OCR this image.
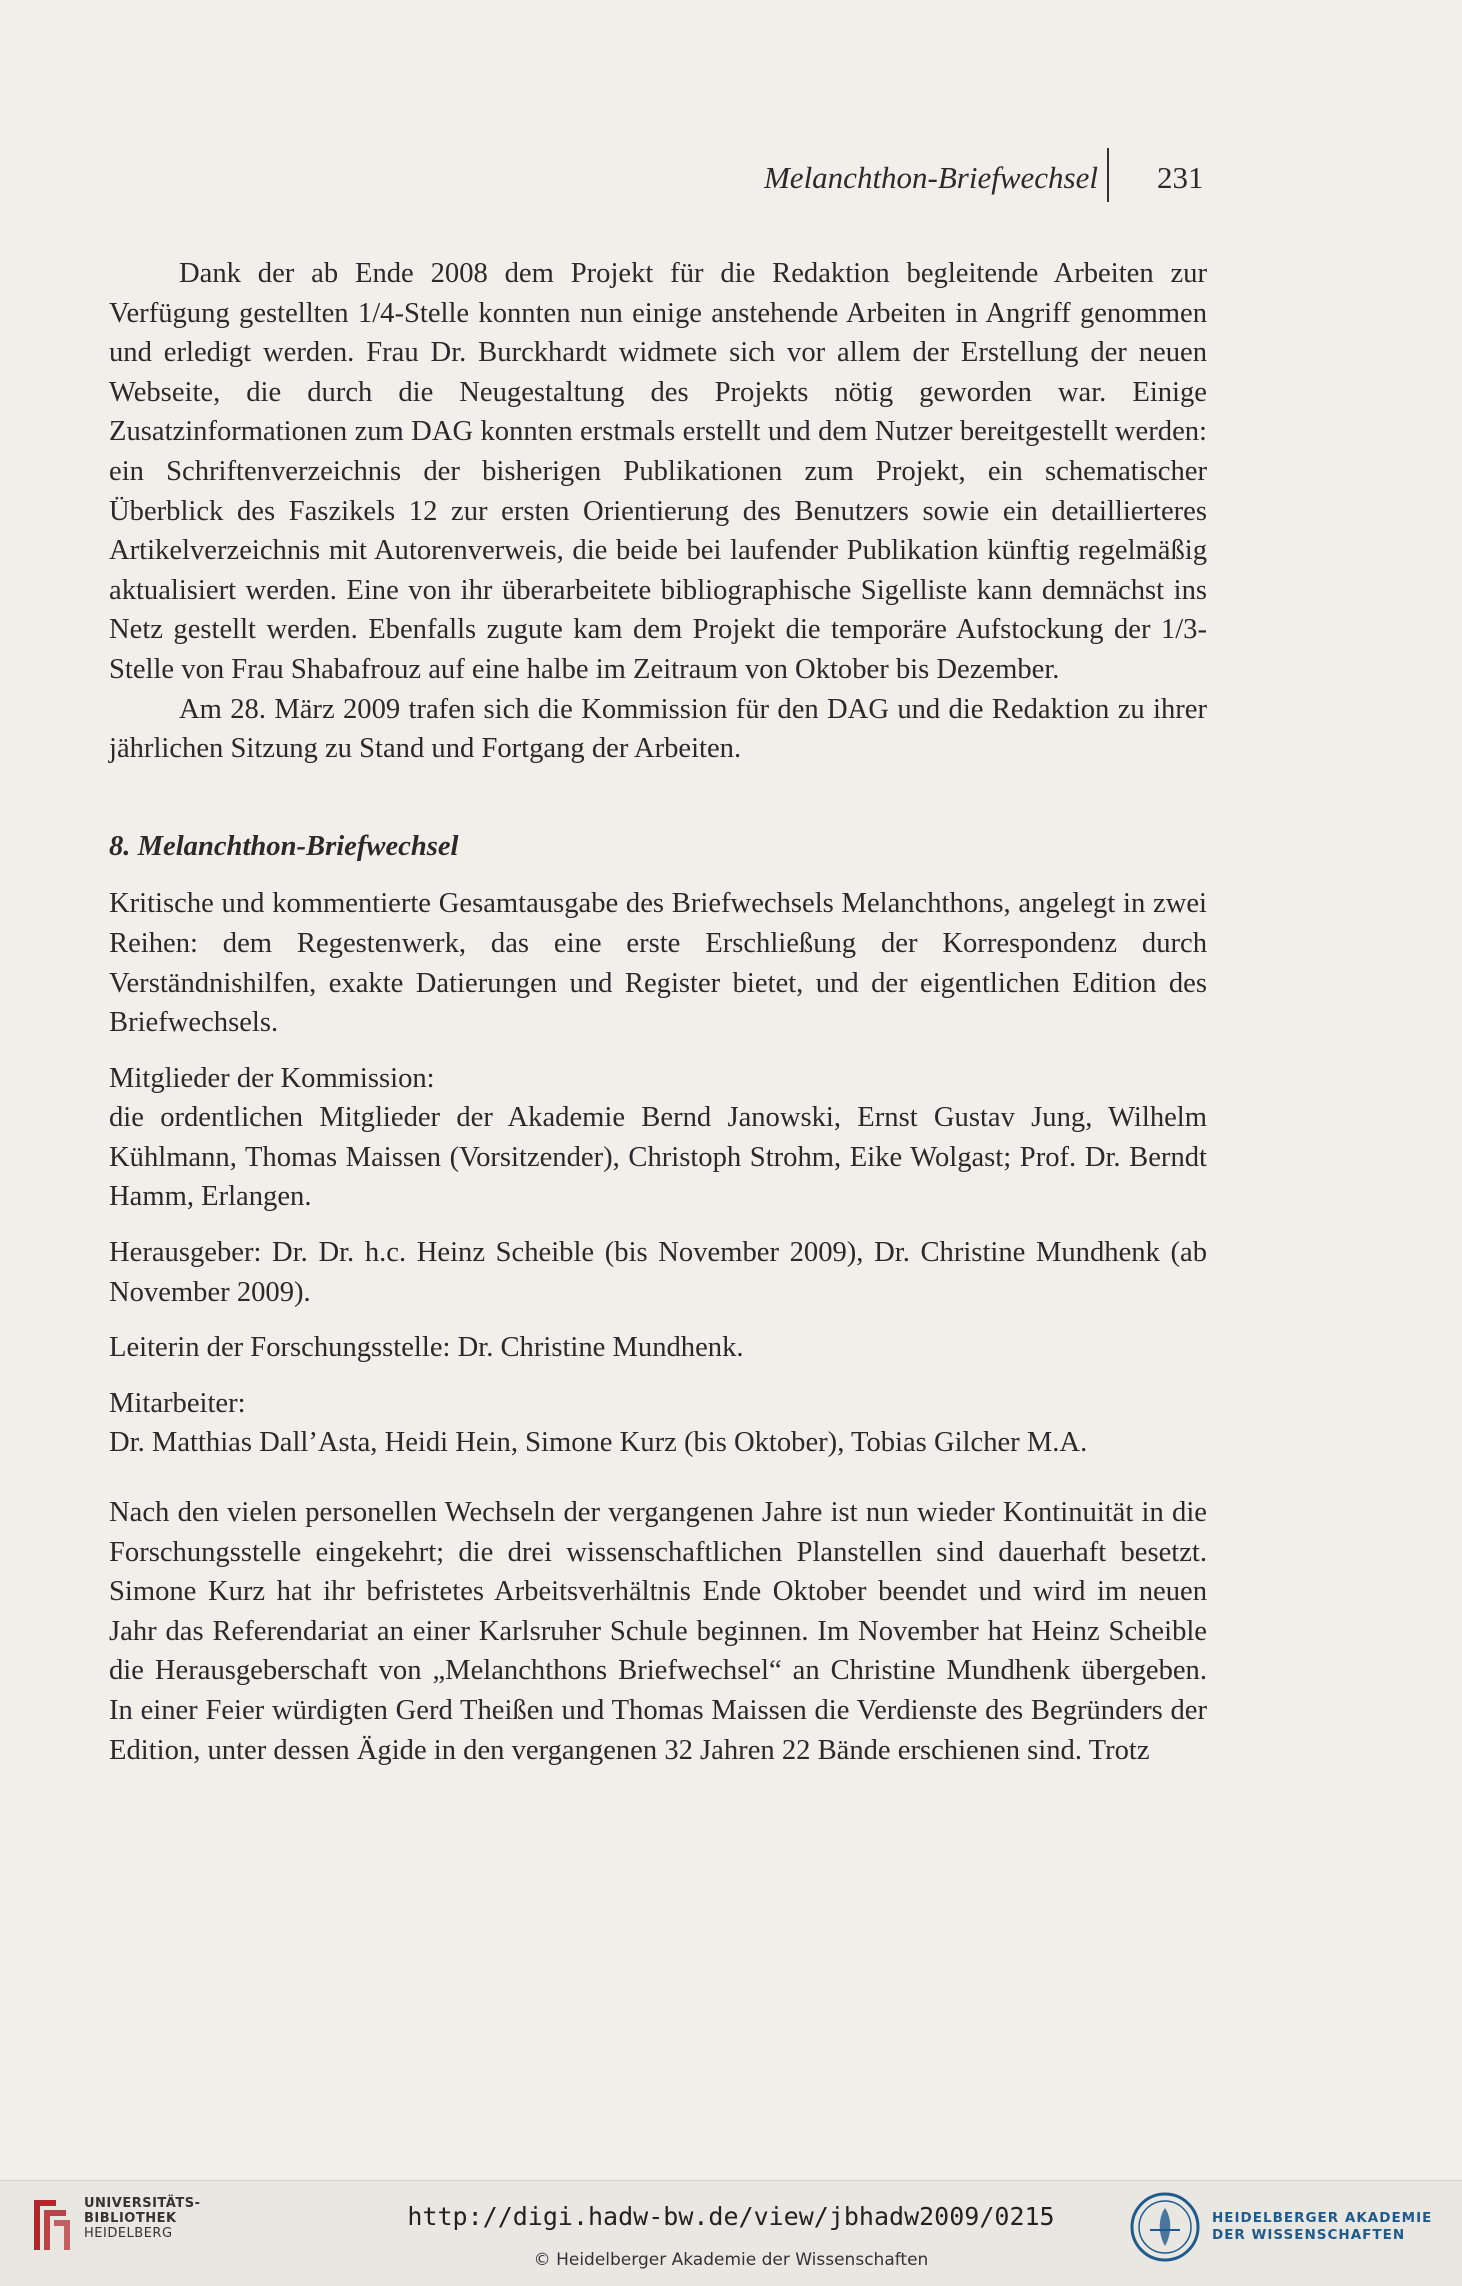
Melanchthon-Briefwechsel 231

Dank der ab Ende 2008 dem Projekt für die Redaktion begleitende Arbeiten zur Verfügung gestellten 1/4-Stelle konnten nun einige anstehende Arbeiten in Angriff genommen und erledigt werden. Frau Dr. Burckhardt widmete sich vor allem der Erstellung der neuen Webseite, die durch die Neugestaltung des Projekts nötig geworden war. Einige Zusatzinformationen zum DAG konnten erstmals erstellt und dem Nutzer bereitgestellt werden: ein Schriftenverzeichnis der bisherigen Publikationen zum Projekt, ein schematischer Überblick des Faszikels 12 zur ersten Orientierung des Benutzers sowie ein detaillierteres Artikelverzeichnis mit Autorenverweis, die beide bei laufender Publikation künftig regelmäßig aktualisiert werden. Eine von ihr überarbeitete bibliographische Sigelliste kann demnächst ins Netz gestellt werden. Ebenfalls zugute kam dem Projekt die temporäre Aufstockung der 1/3-Stelle von Frau Shabafrouz auf eine halbe im Zeitraum von Oktober bis Dezember.

Am 28. März 2009 trafen sich die Kommission für den DAG und die Redaktion zu ihrer jährlichen Sitzung zu Stand und Fortgang der Arbeiten.

8. Melanchthon-Briefwechsel

Kritische und kommentierte Gesamtausgabe des Briefwechsels Melanchthons, angelegt in zwei Reihen: dem Regestenwerk, das eine erste Erschließung der Korrespondenz durch Verständnishilfen, exakte Datierungen und Register bietet, und der eigentlichen Edition des Briefwechsels.

Mitglieder der Kommission:

die ordentlichen Mitglieder der Akademie Bernd Janowski, Ernst Gustav Jung, Wilhelm Kühlmann, Thomas Maissen (Vorsitzender), Christoph Strohm, Eike Wolgast; Prof. Dr. Berndt Hamm, Erlangen.

Herausgeber: Dr. Dr. h.c. Heinz Scheible (bis November 2009), Dr. Christine Mundhenk (ab November 2009).

Leiterin der Forschungsstelle: Dr. Christine Mundhenk.

Mitarbeiter:

Dr. Matthias Dall’Asta, Heidi Hein, Simone Kurz (bis Oktober), Tobias Gilcher M.A.

Nach den vielen personellen Wechseln der vergangenen Jahre ist nun wieder Kontinuität in die Forschungsstelle eingekehrt; die drei wissenschaftlichen Planstellen sind dauerhaft besetzt. Simone Kurz hat ihr befristetes Arbeitsverhältnis Ende Oktober beendet und wird im neuen Jahr das Referendariat an einer Karlsruher Schule beginnen. Im November hat Heinz Scheible die Herausgeberschaft von „Melanchthons Briefwechsel“ an Christine Mundhenk übergeben. In einer Feier würdigten Gerd Theißen und Thomas Maissen die Verdienste des Begründers der Edition, unter dessen Ägide in den vergangenen 32 Jahren 22 Bände erschienen sind. Trotz

UNIVERSITÄTS-
BIBLIOTHEK
HEIDELBERG
http://digi.hadw-bw.de/view/jbhadw2009/0215
© Heidelberger Akademie der Wissenschaften
HEIDELBERGER AKADEMIE
DER WISSENSCHAFTEN
